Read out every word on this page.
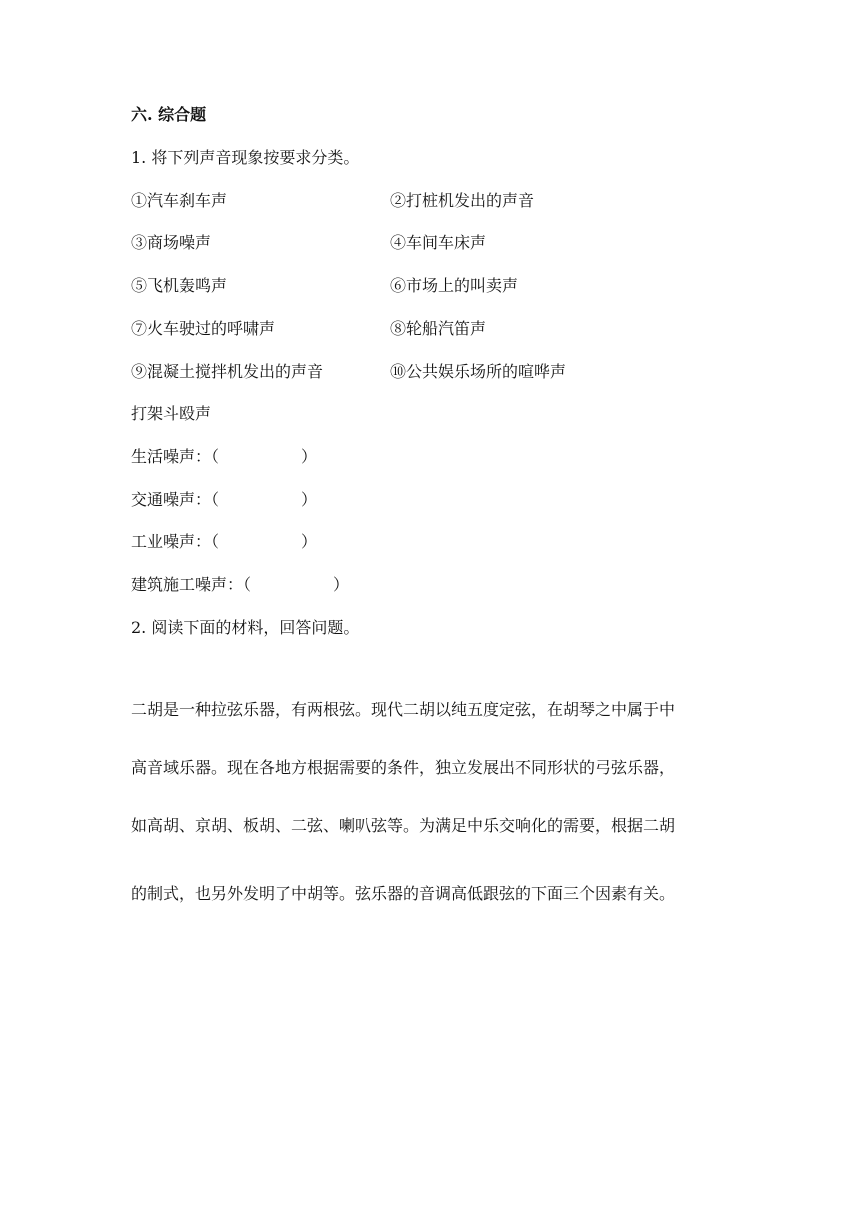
六. 综合题
1. 将下列声音现象按要求分类。
①汽车刹车声	②打桩机发出的声音
③商场噪声	④车间车床声
⑤飞机轰鸣声	⑥市场上的叫卖声
⑦火车驶过的呼啸声	⑧轮船汽笛声
⑨混凝土搅拌机发出的声音	⑩公共娱乐场所的喧哗声
打架斗殴声
生活噪声：（	）
交通噪声：（	）
工业噪声：（	）
建筑施工噪声：（	）
2. 阅读下面的材料，回答问题。
二胡是一种拉弦乐器，有两根弦。现代二胡以纯五度定弦，在胡琴之中属于中
高音域乐器。现在各地方根据需要的条件，独立发展出不同形状的弓弦乐器，
如高胡、京胡、板胡、二弦、喇叭弦等。为满足中乐交响化的需要，根据二胡
的制式，也另外发明了中胡等。弦乐器的音调高低跟弦的下面三个因素有关。
